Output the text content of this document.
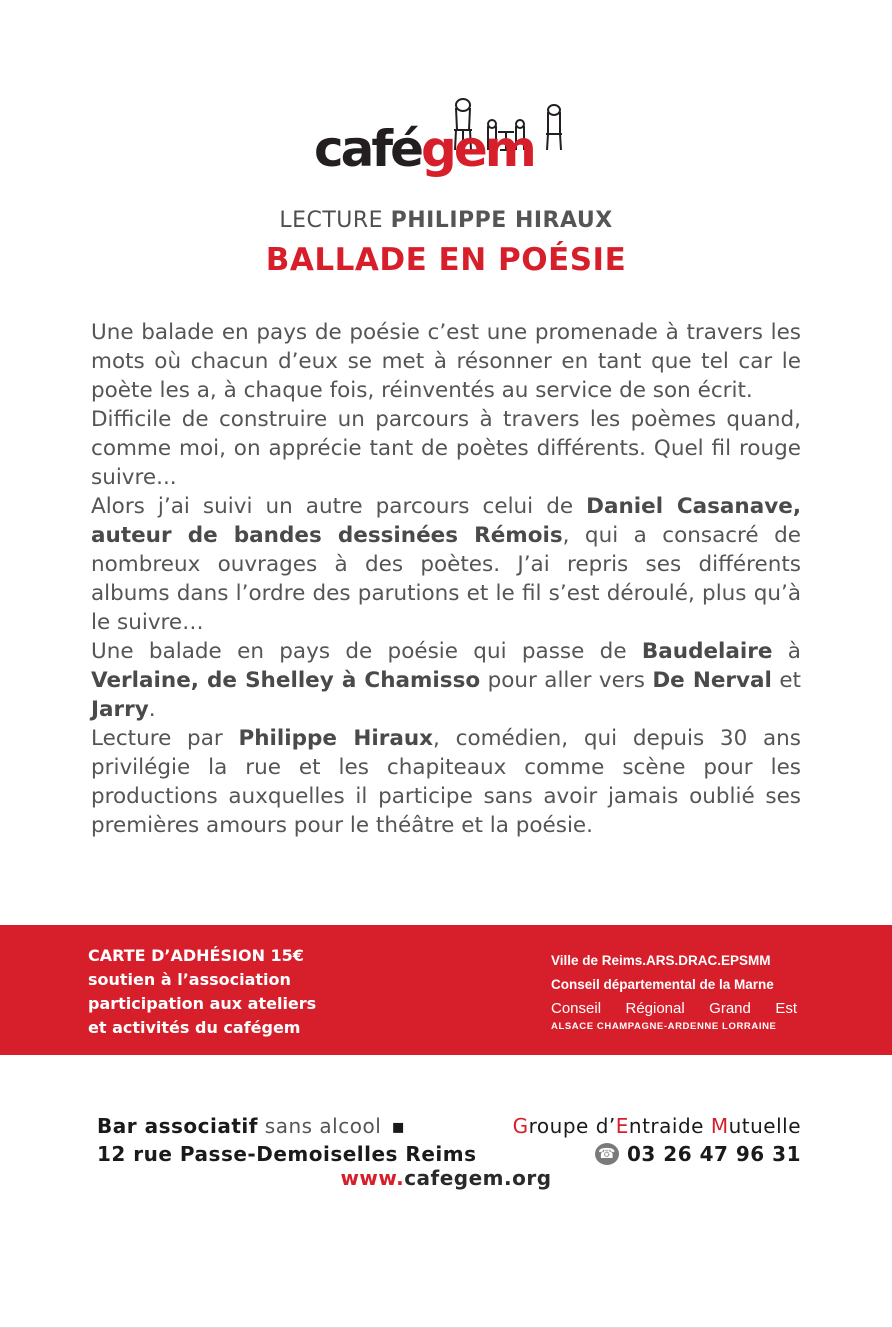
cafégem
LECTURE PHILIPPE HIRAUX
BALLADE EN POÉSIE

Une balade en pays de poésie c’est une promenade à travers les mots où chacun d’eux se met à résonner en tant que tel car le poète les a, à chaque fois, réinventés au service de son écrit.

Difficile de construire un parcours à travers les poèmes quand, comme moi, on apprécie tant de poètes différents. Quel fil rouge suivre...

Alors j’ai suivi un autre parcours celui de Daniel Casanave, auteur de bandes dessinées Rémois, qui a consacré de nombreux ouvrages à des poètes. J’ai repris ses différents albums dans l’ordre des parutions et le fil s’est déroulé, plus qu’à le suivre…

Une balade en pays de poésie qui passe de Baudelaire à Verlaine, de Shelley à Chamisso pour aller vers De Nerval et Jarry.

Lecture par Philippe Hiraux, comédien, qui depuis 30 ans privilégie la rue et les chapiteaux comme scène pour les productions auxquelles il participe sans avoir jamais oublié ses premières amours pour le théâtre et la poésie.

CARTE D’ADHÉSION 15€
soutien à l’association
participation aux ateliers
et activités du cafégem
Ville de Reims.ARS.DRAC.EPSMM
Conseil départemental de la Marne
Conseil Régional Grand Est
ALSACE CHAMPAGNE-ARDENNE LORRAINE
Bar associatif sans alcool ▪	Groupe d’Entraide Mutuelle
12 rue Passe-Demoiselles Reims	☎ 03 26 47 96 31
www.cafegem.org
